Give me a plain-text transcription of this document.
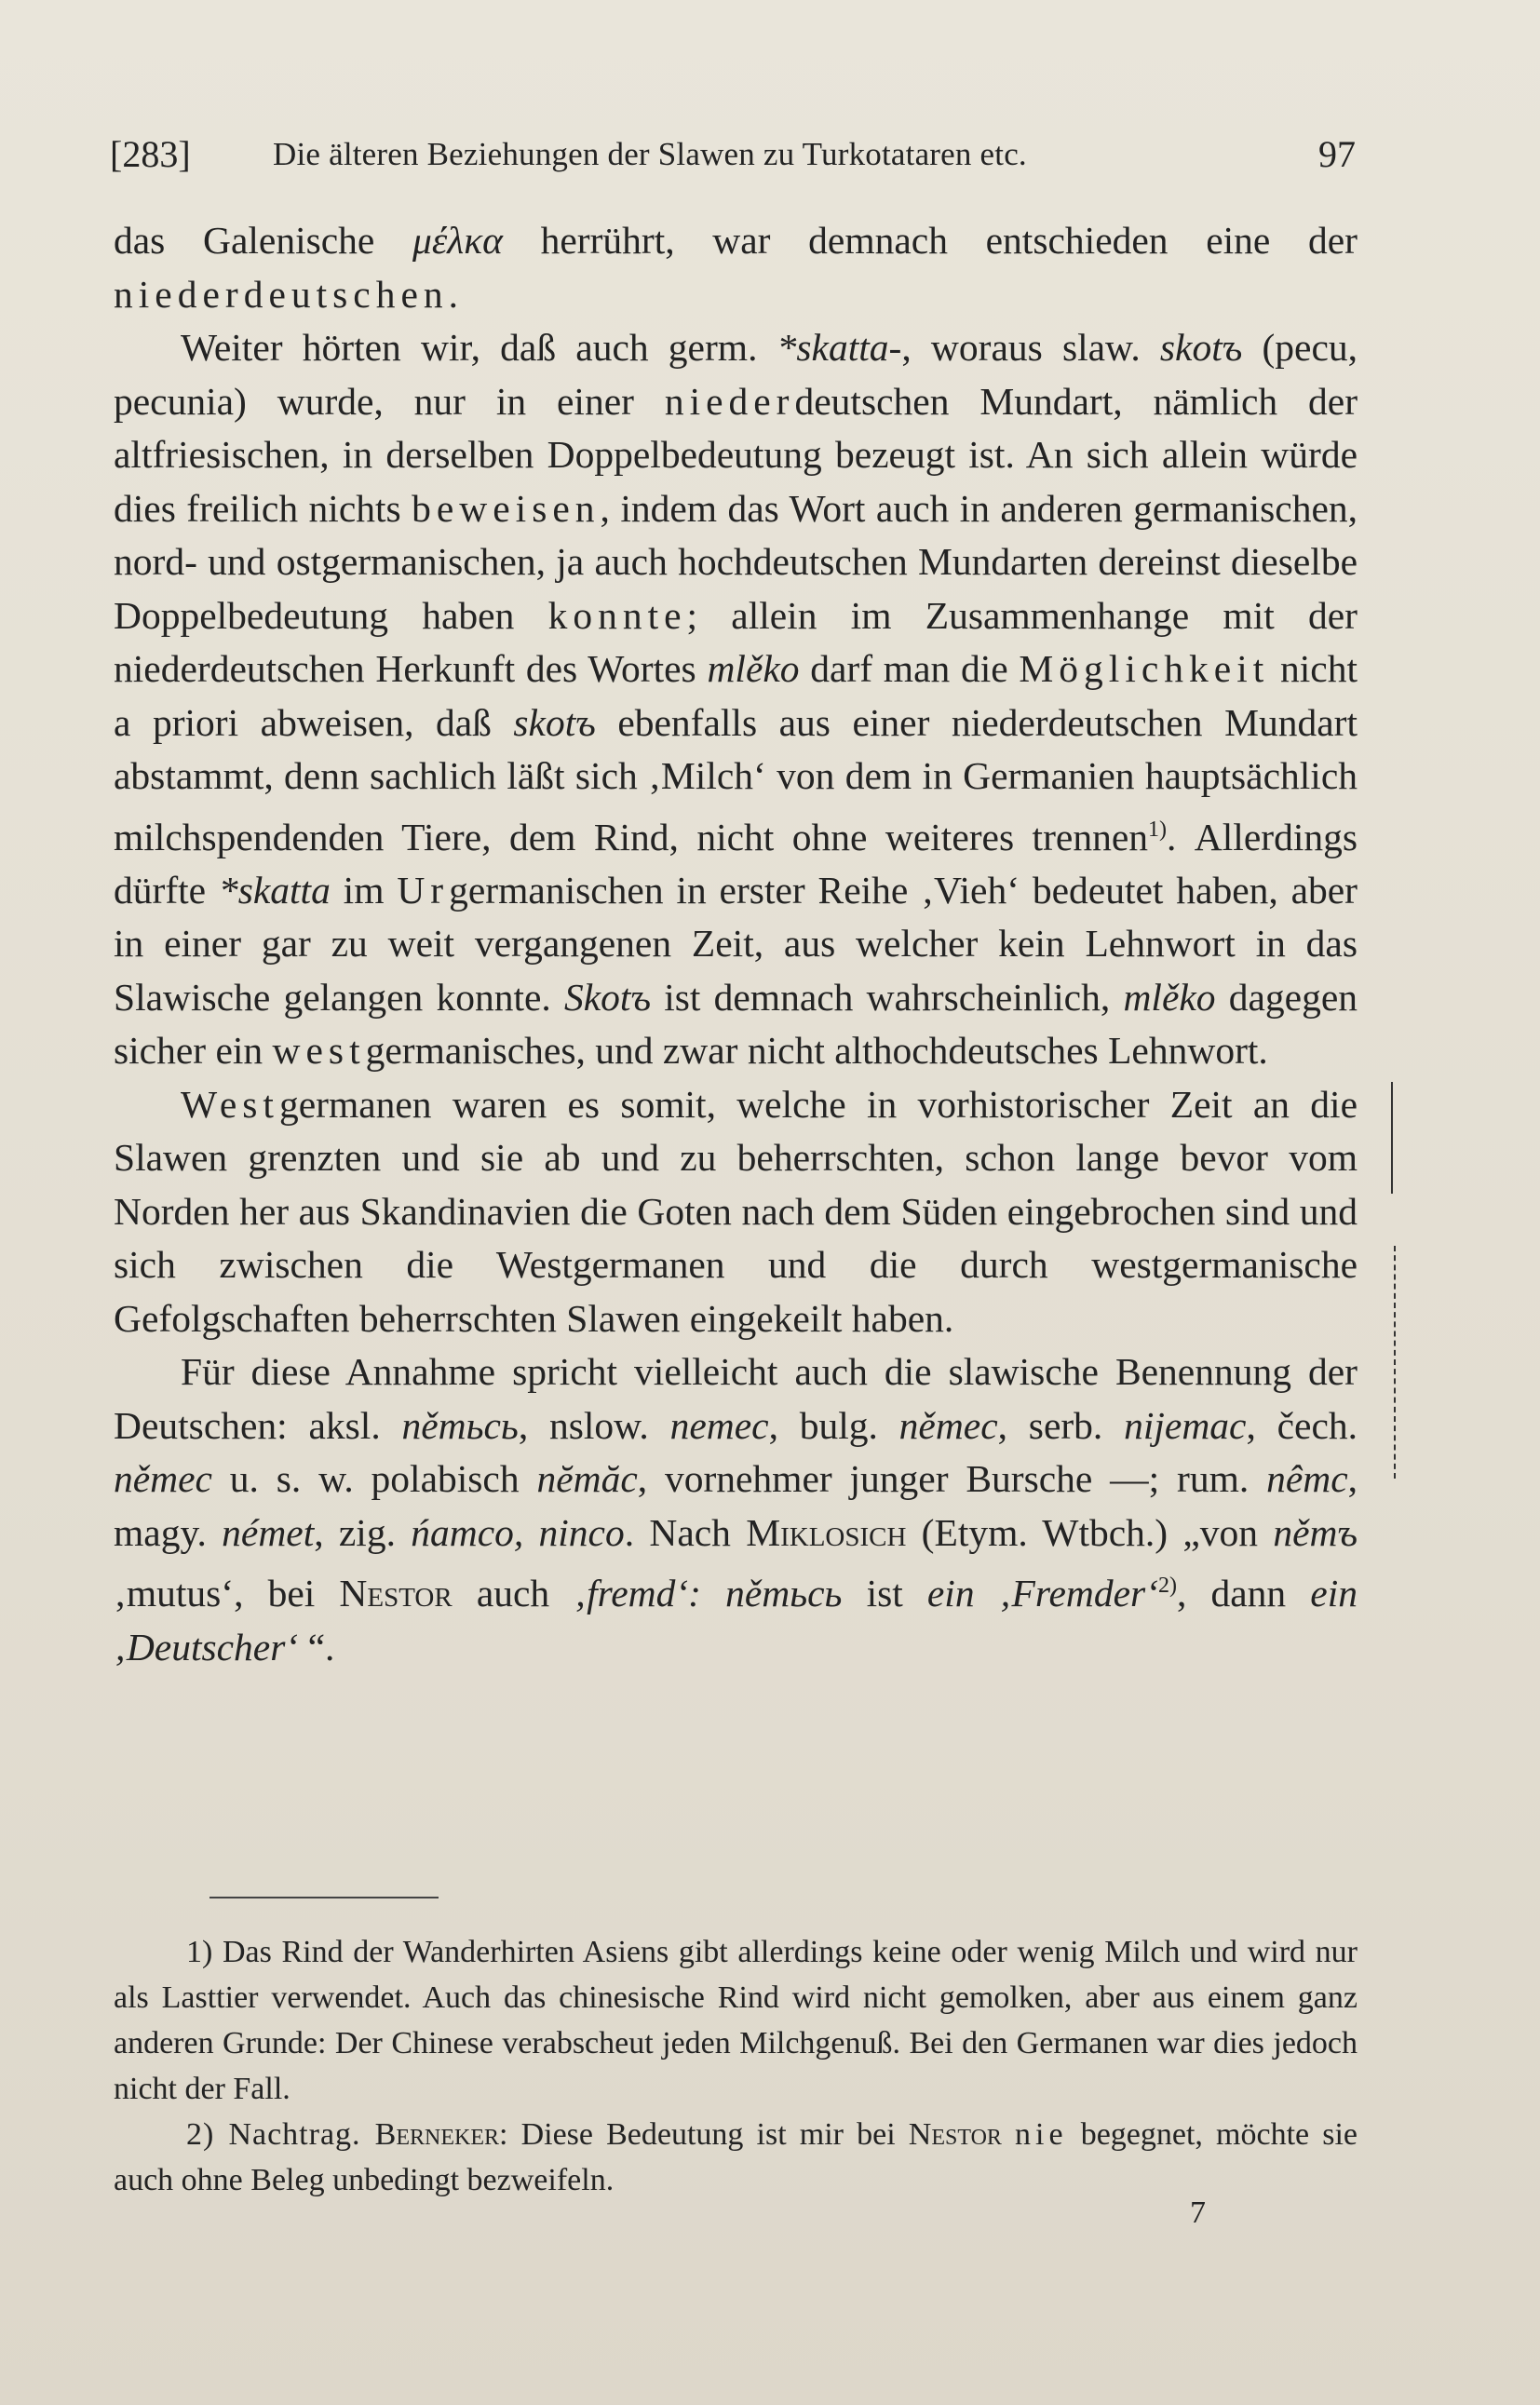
[283]	Die älteren Beziehungen der Slawen zu Turkotataren etc.	97

das Galenische μέλκα herrührt, war demnach entschieden eine der niederdeutschen.

Weiter hörten wir, daß auch germ. *skatta-, woraus slaw. skotъ (pecu, pecunia) wurde, nur in einer niederdeutschen Mundart, nämlich der altfriesischen, in derselben Doppelbedeutung bezeugt ist. An sich allein würde dies freilich nichts beweisen, indem das Wort auch in anderen germanischen, nord- und ostgermanischen, ja auch hochdeutschen Mundarten dereinst dieselbe Doppelbedeutung haben konnte; allein im Zusammenhange mit der niederdeutschen Herkunft des Wortes mlěko darf man die Möglichkeit nicht a priori abweisen, daß skotъ ebenfalls aus einer niederdeutschen Mundart abstammt, denn sachlich läßt sich ‚Milch‘ von dem in Germanien hauptsächlich milchspendenden Tiere, dem Rind, nicht ohne weiteres trennen$^{1)}$. Allerdings dürfte *skatta im Urgermanischen in erster Reihe ‚Vieh‘ bedeutet haben, aber in einer gar zu weit vergangenen Zeit, aus welcher kein Lehnwort in das Slawische gelangen konnte. Skotъ ist demnach wahrscheinlich, mlěko dagegen sicher ein westgermanisches, und zwar nicht althochdeutsches Lehnwort.

Westgermanen waren es somit, welche in vorhistorischer Zeit an die Slawen grenzten und sie ab und zu beherrschten, schon lange bevor vom Norden her aus Skandinavien die Goten nach dem Süden eingebrochen sind und sich zwischen die Westgermanen und die durch westgermanische Gefolgschaften beherrschten Slawen eingekeilt haben.

Für diese Annahme spricht vielleicht auch die slawische Benennung der Deutschen: aksl. němьcь, nslow. nemec, bulg. němec, serb. nijemac, čech. němec u. s. w. polabisch nĕmăc, vornehmer junger Bursche —; rum. nêmc, magy. német, zig. ńamco, ninco. Nach Miklosich (Etym. Wtbch.) „von němъ ‚mutus‘, bei Nestor auch ‚fremd‘: němьcь ist ein ‚Fremder‘$^{2)}$, dann ein ‚Deutscher‘ “.

1) Das Rind der Wanderhirten Asiens gibt allerdings keine oder wenig Milch und wird nur als Lasttier verwendet. Auch das chinesische Rind wird nicht gemolken, aber aus einem ganz anderen Grunde: Der Chinese verabscheut jeden Milchgenuß. Bei den Germanen war dies jedoch nicht der Fall.

2) Nachtrag. Berneker: Diese Bedeutung ist mir bei Nestor nie begegnet, möchte sie auch ohne Beleg unbedingt bezweifeln.

7
